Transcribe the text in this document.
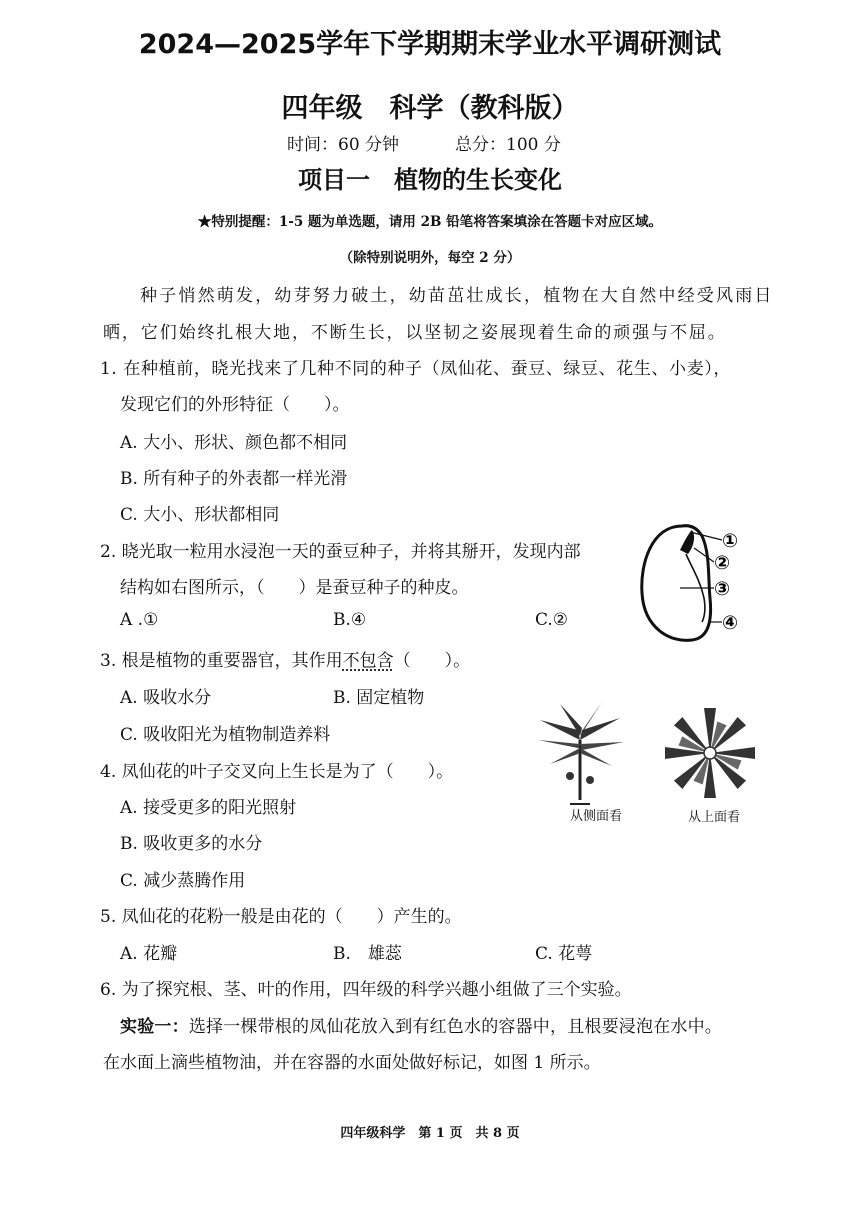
2024—2025学年下学期期末学业水平调研测试
四年级　科学（教科版）
时间：60 分钟	总分：100 分
项目一　植物的生长变化
★特别提醒：1-5 题为单选题，请用 2B 铅笔将答案填涂在答题卡对应区域。
（除特别说明外，每空 2 分）
种子悄然萌发，幼芽努力破土，幼苗茁壮成长，植物在大自然中经受风雨日
晒，它们始终扎根大地，不断生长，以坚韧之姿展现着生命的顽强与不屈。
1. 在种植前，晓光找来了几种不同的种子（凤仙花、蚕豆、绿豆、花生、小麦），
发现它们的外形特征（　　）。
A. 大小、形状、颜色都不相同
B. 所有种子的外表都一样光滑
C. 大小、形状都相同
2. 晓光取一粒用水浸泡一天的蚕豆种子，并将其掰开，发现内部
结构如右图所示，（　　）是蚕豆种子的种皮。
A .①	B.④	C.②
①
②
③
④
3. 根是植物的重要器官，其作用不包含（　　）。
A. 吸收水分	B. 固定植物
C. 吸收阳光为植物制造养料
从侧面看	从上面看
4. 凤仙花的叶子交叉向上生长是为了（　　）。
A. 接受更多的阳光照射
B. 吸收更多的水分
C. 减少蒸腾作用
5. 凤仙花的花粉一般是由花的（　　）产生的。
A. 花瓣	B.　雄蕊	C. 花萼
6. 为了探究根、茎、叶的作用，四年级的科学兴趣小组做了三个实验。
实验一：选择一棵带根的凤仙花放入到有红色水的容器中，且根要浸泡在水中。
在水面上滴些植物油，并在容器的水面处做好标记，如图 1 所示。
四年级科学　第 1 页　共 8 页
